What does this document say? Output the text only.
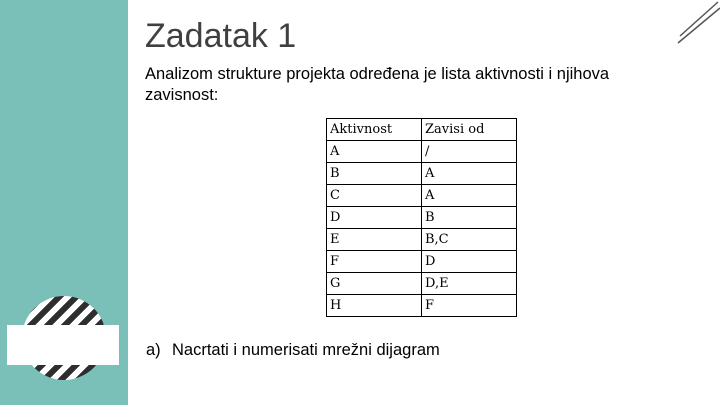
Zadatak 1

Analizom strukture projekta određena je lista aktivnosti i njihova zavisnost:

Aktivnost	Zavisi od
A	/
B	A
C	A
D	B
E	B,C
F	D
G	D,E
H	F

a) Nacrtati i numerisati mrežni dijagram
